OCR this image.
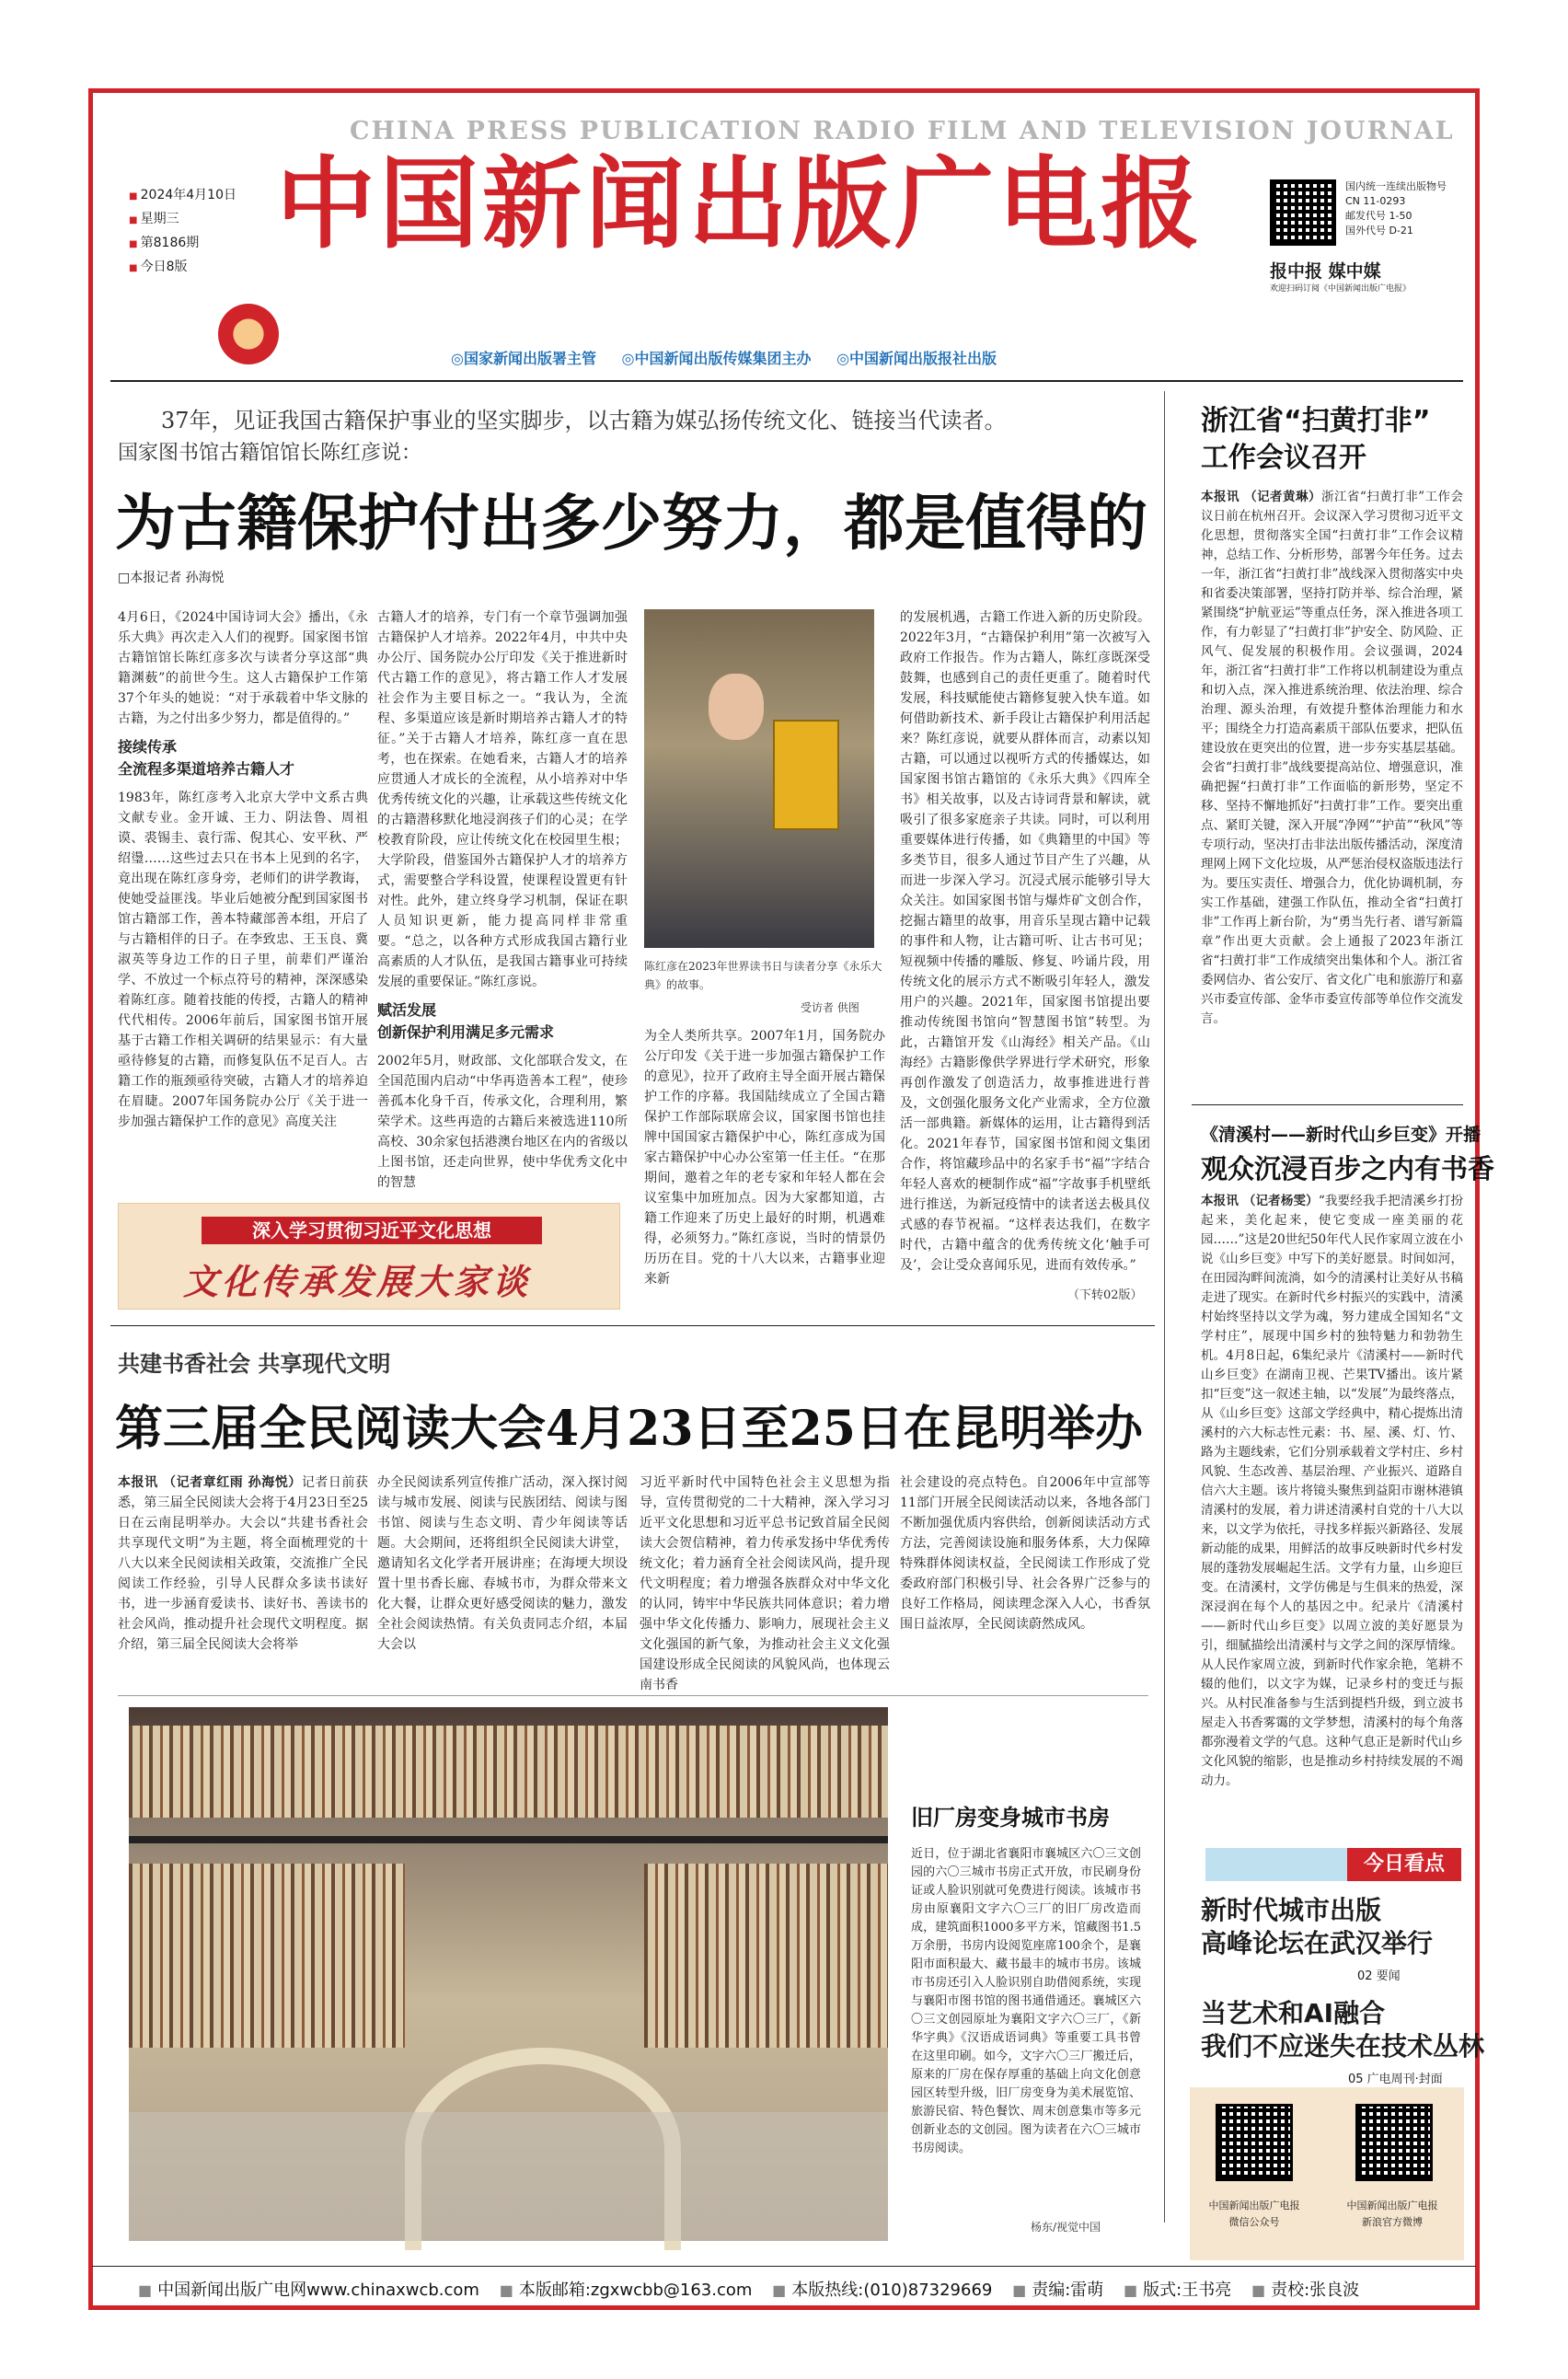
CHINA PRESS PUBLICATION RADIO FILM AND TELEVISION JOURNAL
中国新闻出版广电报
■ 2024年4月10日
■ 星期三
■ 第8186期
■ 今日8版
国内统一连续出版物号
CN 11-0293
邮发代号 1-50
国外代号 D-21
报中报 媒中媒
欢迎扫码订阅《中国新闻出版广电报》
◎国家新闻出版署主管 ◎中国新闻出版传媒集团主办 ◎中国新闻出版报社出版
37年，见证我国古籍保护事业的坚实脚步，以古籍为媒弘扬传统文化、链接当代读者。
国家图书馆古籍馆馆长陈红彦说：
为古籍保护付出多少努力，都是值得的
□本报记者 孙海悦

4月6日，《2024中国诗词大会》播出，《永乐大典》再次走入人们的视野。国家图书馆古籍馆馆长陈红彦多次与读者分享这部“典籍渊薮”的前世今生。这人古籍保护工作第37个年头的她说：“对于承载着中华文脉的古籍，为之付出多少努力，都是值得的。”

接续传承
全流程多渠道培养古籍人才

1983年，陈红彦考入北京大学中文系古典文献专业。金开诚、王力、阴法鲁、周祖谟、裘锡圭、袁行霈、倪其心、安平秋、严绍璗……这些过去只在书本上见到的名字，竟出现在陈红彦身旁，老师们的讲学教诲，使她受益匪浅。毕业后她被分配到国家图书馆古籍部工作，善本特藏部善本组，开启了与古籍相伴的日子。在李致忠、王玉良、冀淑英等身边工作的日子里，前辈们严谨治学、不放过一个标点符号的精神，深深感染着陈红彦。随着技能的传授，古籍人的精神代代相传。2006年前后，国家图书馆开展基于古籍工作相关调研的结果显示：有大量亟待修复的古籍，而修复队伍不足百人。古籍工作的瓶颈亟待突破，古籍人才的培养迫在眉睫。2007年国务院办公厅《关于进一步加强古籍保护工作的意见》高度关注

古籍人才的培养，专门有一个章节强调加强古籍保护人才培养。2022年4月，中共中央办公厅、国务院办公厅印发《关于推进新时代古籍工作的意见》，将古籍工作人才发展社会作为主要目标之一。“我认为，全流程、多渠道应该是新时期培养古籍人才的特征。”关于古籍人才培养，陈红彦一直在思考，也在探索。在她看来，古籍人才的培养应贯通人才成长的全流程，从小培养对中华优秀传统文化的兴趣，让承载这些传统文化的古籍潜移默化地浸润孩子们的心灵；在学校教育阶段，应让传统文化在校园里生根；大学阶段，借鉴国外古籍保护人才的培养方式，需要整合学科设置，使课程设置更有针对性。此外，建立终身学习机制，保证在职人员知识更新，能力提高同样非常重要。“总之，以各种方式形成我国古籍行业高素质的人才队伍，是我国古籍事业可持续发展的重要保证。”陈红彦说。

赋活发展
创新保护利用满足多元需求

2002年5月，财政部、文化部联合发文，在全国范围内启动“中华再造善本工程”，使珍善孤本化身千百，传承文化，合理利用，繁荣学术。这些再造的古籍后来被选进110所高校、30余家包括港澳台地区在内的省级以上图书馆，还走向世界，使中华优秀文化中的智慧

陈红彦在2023年世界读书日与读者分享《永乐大典》的故事。
受访者 供图

为全人类所共享。2007年1月，国务院办公厅印发《关于进一步加强古籍保护工作的意见》，拉开了政府主导全面开展古籍保护工作的序幕。我国陆续成立了全国古籍保护工作部际联席会议，国家图书馆也挂牌中国国家古籍保护中心，陈红彦成为国家古籍保护中心办公室第一任主任。“在那期间，邀着之年的老专家和年轻人都在会议室集中加班加点。因为大家都知道，古籍工作迎来了历史上最好的时期，机遇难得，必须努力。”陈红彦说，当时的情景仍历历在目。党的十八大以来，古籍事业迎来新

的发展机遇，古籍工作进入新的历史阶段。2022年3月，“古籍保护利用”第一次被写入政府工作报告。作为古籍人，陈红彦既深受鼓舞，也感到自己的责任更重了。随着时代发展，科技赋能使古籍修复驶入快车道。如何借助新技术、新手段让古籍保护利用活起来？陈红彦说，就要从群体而言，动素以知古籍，可以通过以视听方式的传播媒达，如国家图书馆古籍馆的《永乐大典》《四库全书》相关故事，以及古诗词背景和解读，就吸引了很多家庭亲子共读。同时，可以利用重要媒体进行传播，如《典籍里的中国》等多类节目，很多人通过节目产生了兴趣，从而进一步深入学习。沉浸式展示能够引导大众关注。如国家图书馆与爆炸矿文创合作，挖掘古籍里的故事，用音乐呈现古籍中记载的事件和人物，让古籍可听、让古书可见；短视频中传播的雕版、修复、吟诵片段，用传统文化的展示方式不断吸引年轻人，激发用户的兴趣。2021年，国家图书馆提出要推动传统图书馆向“智慧图书馆”转型。为此，古籍馆开发《山海经》相关产品。《山海经》古籍影像供学界进行学术研究，形象再创作激发了创造活力，故事推进进行普及，文创强化服务文化产业需求，全方位激活一部典籍。新媒体的运用，让古籍得到活化。2021年春节，国家图书馆和阅文集团合作，将馆藏珍品中的名家手书“福”字结合年轻人喜欢的梗制作成“福”字故事手机壁纸进行推送，为新冠疫情中的读者送去极具仪式感的春节祝福。“这样表达我们，在数字时代，古籍中蕴含的优秀传统文化‘触手可及’，会让受众喜闻乐见，进而有效传承。”

（下转02版）
深入学习贯彻习近平文化思想
文化传承发展大家谈
共建书香社会 共享现代文明
第三届全民阅读大会4月23日至25日在昆明举办
本报讯 （记者章红雨 孙海悦）记者日前获悉，第三届全民阅读大会将于4月23日至25日在云南昆明举办。大会以“共建书香社会 共享现代文明”为主题，将全面梳理党的十八大以来全民阅读相关政策，交流推广全民阅读工作经验，引导人民群众多读书读好书，进一步涵育爱读书、读好书、善读书的社会风尚，推动提升社会现代文明程度。据介绍，第三届全民阅读大会将举

办全民阅读系列宣传推广活动，深入探讨阅读与城市发展、阅读与民族团结、阅读与图书馆、阅读与生态文明、青少年阅读等话题。大会期间，还将组织全民阅读大讲堂，邀请知名文化学者开展讲座；在海埂大坝设置十里书香长廊、春城书市，为群众带来文化大餐，让群众更好感受阅读的魅力，激发全社会阅读热情。有关负责同志介绍，本届大会以

习近平新时代中国特色社会主义思想为指导，宣传贯彻党的二十大精神，深入学习习近平文化思想和习近平总书记致首届全民阅读大会贺信精神，着力传承发扬中华优秀传统文化；着力涵育全社会阅读风尚，提升现代文明程度；着力增强各族群众对中华文化的认同，铸牢中华民族共同体意识；着力增强中华文化传播力、影响力，展现社会主义文化强国的新气象，为推动社会主义文化强国建设形成全民阅读的风貌风尚，也体现云南书香

社会建设的亮点特色。自2006年中宣部等11部门开展全民阅读活动以来，各地各部门不断加强优质内容供给，创新阅读活动方式方法，完善阅读设施和服务体系，大力保障特殊群体阅读权益，全民阅读工作形成了党委政府部门积极引导、社会各界广泛参与的良好工作格局，阅读理念深入人心，书香氛围日益浓厚，全民阅读蔚然成风。

旧厂房变身城市书房

近日，位于湖北省襄阳市襄城区六〇三文创园的六〇三城市书房正式开放，市民刷身份证或人脸识别就可免费进行阅读。该城市书房由原襄阳文字六〇三厂的旧厂房改造而成，建筑面积1000多平方米，馆藏图书1.5万余册，书房内设阅览座席100余个，是襄阳市面积最大、藏书最丰的城市书房。该城市书房还引入人脸识别自助借阅系统，实现与襄阳市图书馆的图书通借通还。襄城区六〇三文创园原址为襄阳文字六〇三厂，《新华字典》《汉语成语词典》等重要工具书曾在这里印刷。如今，文字六〇三厂搬迁后，原来的厂房在保存厚重的基础上向文化创意园区转型升级，旧厂房变身为美术展览馆、旅游民宿、特色餐饮、周末创意集市等多元创新业态的文创园。图为读者在六〇三城市书房阅读。

杨东/视觉中国
浙江省“扫黄打非”
工作会议召开
本报讯 （记者黄琳）浙江省“扫黄打非”工作会议日前在杭州召开。会议深入学习贯彻习近平文化思想，贯彻落实全国“扫黄打非”工作会议精神，总结工作、分析形势，部署今年任务。过去一年，浙江省“扫黄打非”战线深入贯彻落实中央和省委决策部署，坚持打防并举、综合治理，紧紧围绕“护航亚运”等重点任务，深入推进各项工作，有力彰显了“扫黄打非”护安全、防风险、正风气、促发展的积极作用。会议强调，2024年，浙江省“扫黄打非”工作将以机制建设为重点和切入点，深入推进系统治理、依法治理、综合治理、源头治理，有效提升整体治理能力和水平；围绕全力打造高素质干部队伍要求，把队伍建设放在更突出的位置，进一步夯实基层基础。会省“扫黄打非”战线要提高站位、增强意识，准确把握“扫黄打非”工作面临的新形势，坚定不移、坚持不懈地抓好“扫黄打非”工作。要突出重点、紧盯关键，深入开展“净网”“护苗”“秋风”等专项行动，坚决打击非法出版传播活动，深度清理网上网下文化垃圾，从严惩治侵权盗版违法行为。要压实责任、增强合力，优化协调机制，夯实工作基础，建强工作队伍，推动全省“扫黄打非”工作再上新台阶，为“勇当先行者、谱写新篇章”作出更大贡献。会上通报了2023年浙江省“扫黄打非”工作成绩突出集体和个人。浙江省委网信办、省公安厅、省文化广电和旅游厅和嘉兴市委宣传部、金华市委宣传部等单位作交流发言。
《清溪村——新时代山乡巨变》开播
观众沉浸百步之内有书香
本报讯 （记者杨雯）“我要经我手把清溪乡打扮起来，美化起来，使它变成一座美丽的花园……”这是20世纪50年代人民作家周立波在小说《山乡巨变》中写下的美好愿景。时间如河，在田园沟畔间流淌，如今的清溪村让美好从书稿走进了现实。在新时代乡村振兴的实践中，清溪村始终坚持以文学为魂，努力建成全国知名“文学村庄”，展现中国乡村的独特魅力和勃勃生机。4月8日起，6集纪录片《清溪村——新时代山乡巨变》在湖南卫视、芒果TV播出。该片紧扣“巨变”这一叙述主轴，以“发展”为最终落点，从《山乡巨变》这部文学经典中，精心提炼出清溪村的六大标志性元素：书、屋、溪、灯、竹、路为主题线索，它们分别承载着文学村庄、乡村风貌、生态改善、基层治理、产业振兴、道路自信六大主题。该片将镜头聚焦到益阳市谢林港镇清溪村的发展，着力讲述清溪村自党的十八大以来，以文学为依托，寻找多样振兴新路径、发展新动能的成果，用鲜活的故事反映新时代乡村发展的蓬勃发展崛起生活。文学有力量，山乡迎巨变。在清溪村，文学仿佛是与生俱来的热爱，深深浸润在每个人的基因之中。纪录片《清溪村——新时代山乡巨变》以周立波的美好愿景为引，细腻描绘出清溪村与文学之间的深厚情缘。从人民作家周立波，到新时代作家余艳，笔耕不辍的他们，以文字为媒，记录乡村的变迁与振兴。从村民准备参与生活到提档升级，到立波书屋走入书香雾霭的文学梦想，清溪村的每个角落都弥漫着文学的气息。这种气息正是新时代山乡文化风貌的缩影，也是推动乡村持续发展的不竭动力。
今日看点
新时代城市出版
高峰论坛在武汉举行
02 要闻
当艺术和AI融合
我们不应迷失在技术丛林
05 广电周刊·封面
中国新闻出版广电报
微信公众号
中国新闻出版广电报
新浪官方微博
■ 中国新闻出版广电网www.chinaxwcb.com ■ 本版邮箱:zgxwcbb@163.com ■ 本版热线:(010)87329669 ■ 责编:雷萌 ■ 版式:王书亮 ■ 责校:张良波
